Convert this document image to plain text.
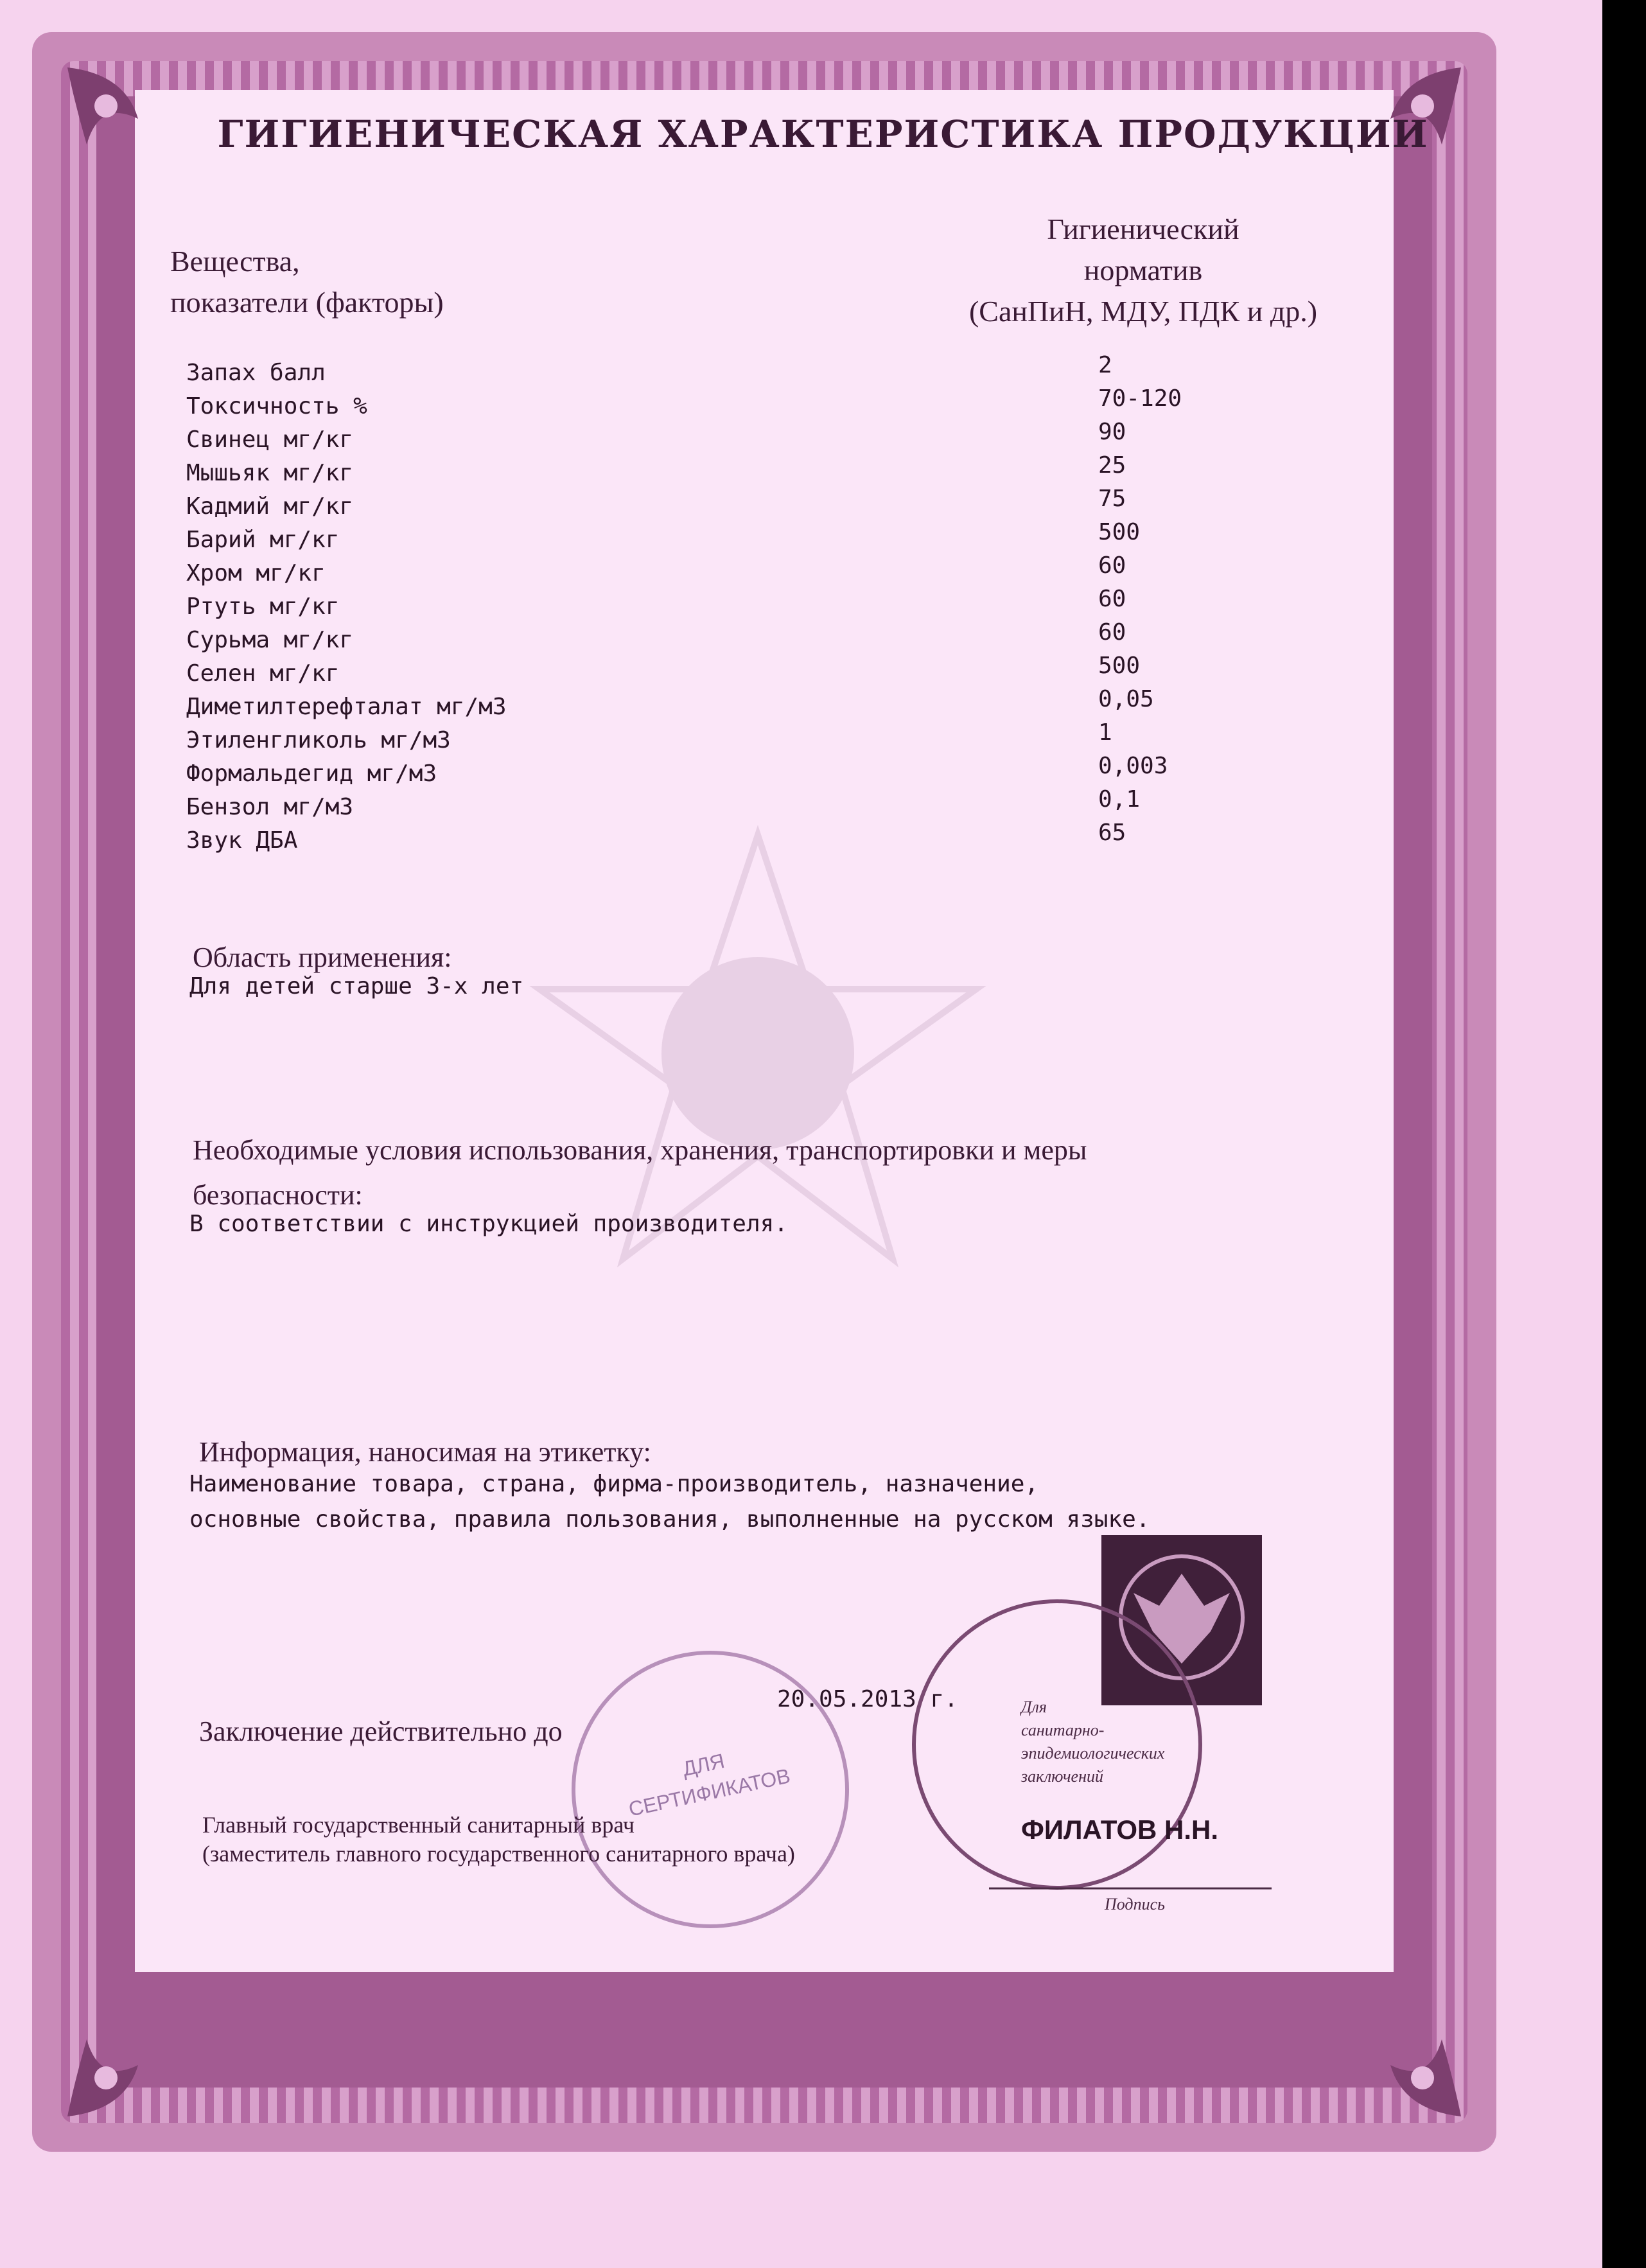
ГИГИЕНИЧЕСКАЯ ХАРАКТЕРИСТИКА ПРОДУКЦИИ
Вещества,
показатели (факторы)
Гигиенический
норматив
(СанПиН, МДУ, ПДК и др.)
Запах балл	2
Токсичность %	70-120
Свинец мг/кг	90
Мышьяк мг/кг	25
Кадмий мг/кг	75
Барий мг/кг	500
Хром мг/кг	60
Ртуть мг/кг	60
Сурьма мг/кг	60
Селен мг/кг	500
Диметилтерефталат мг/м3	0,05
Этиленгликоль мг/м3	1
Формальдегид мг/м3	0,003
Бензол мг/м3	0,1
Звук ДБА	65
Область применения:
Для детей старше 3-х лет
Необходимые условия использования, хранения, транспортировки и меры
безопасности:
В соответствии с инструкцией производителя.
Информация, наносимая на этикетку:
Наименование товара, страна, фирма-производитель, назначение,
основные свойства, правила пользования, выполненные на русском языке.
Для
санитарно-
эпидемиологических
заключений
ДЛЯ СЕРТИФИКАТОВ
Заключение действительно до
20.05.2013 г.
Главный государственный санитарный врач
(заместитель главного государственного санитарного врача)
ФИЛАТОВ Н.Н.
Подпись
